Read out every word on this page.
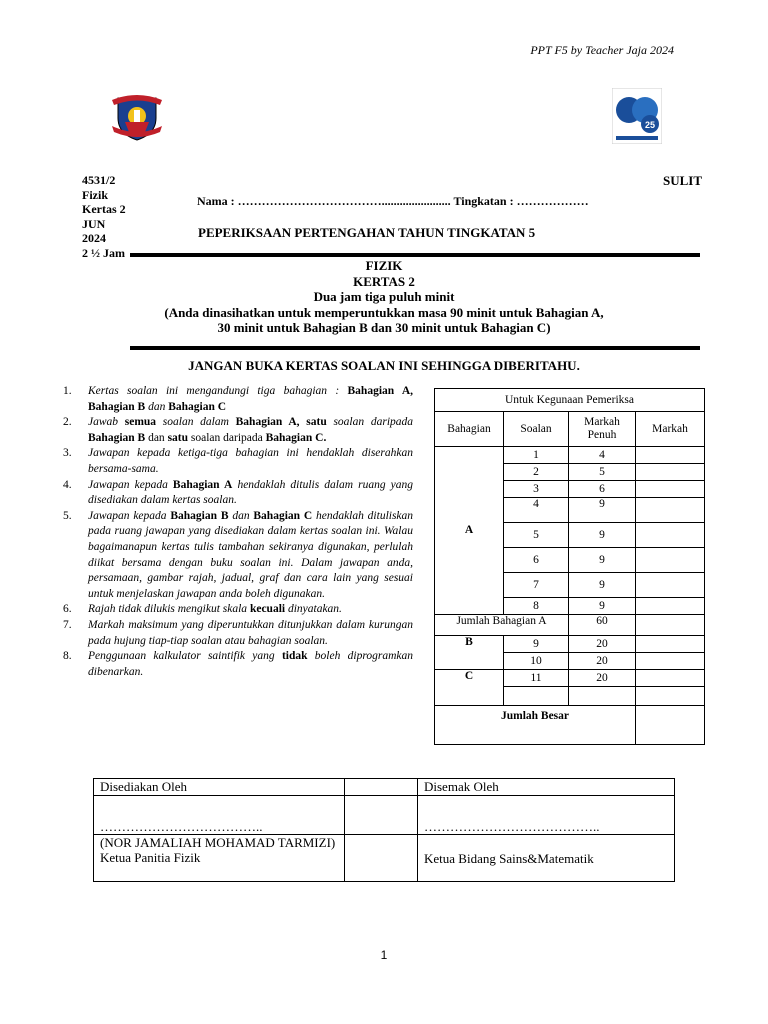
PPT F5 by Teacher Jaja 2024
25
4531/2
Fizik
Kertas 2
JUN
2024
2 ½ Jam
SULIT
Nama : ………………………………....................... Tingkatan : ………………
PEPERIKSAAN PERTENGAHAN TAHUN TINGKATAN 5
FIZIK
KERTAS 2
Dua jam tiga puluh minit
(Anda dinasihatkan untuk memperuntukkan masa 90 minit untuk Bahagian A,
30 minit untuk Bahagian B dan 30 minit untuk Bahagian C)
JANGAN BUKA KERTAS SOALAN INI SEHINGGA DIBERITAHU.
1. Kertas soalan ini mengandungi tiga bahagian : Bahagian A, Bahagian B dan Bahagian C
2. Jawab semua soalan dalam Bahagian A, satu soalan daripada Bahagian B dan satu soalan daripada Bahagian C.
3. Jawapan kepada ketiga-tiga bahagian ini hendaklah diserahkan bersama-sama.
4. Jawapan kepada Bahagian A hendaklah ditulis dalam ruang yang disediakan dalam kertas soalan.
5. Jawapan kepada Bahagian B dan Bahagian C hendaklah dituliskan pada ruang jawapan yang disediakan dalam kertas soalan ini. Walau bagaimanapun kertas tulis tambahan sekiranya digunakan, perlulah diikat bersama dengan buku soalan ini. Dalam jawapan anda, persamaan, gambar rajah, jadual, graf dan cara lain yang sesuai untuk menjelaskan jawapan anda boleh digunakan.
6. Rajah tidak dilukis mengikut skala kecuali dinyatakan.
7. Markah maksimum yang diperuntukkan ditunjukkan dalam kurungan pada hujung tiap-tiap soalan atau bahagian soalan.
8. Penggunaan kalkulator saintifik yang tidak boleh diprogramkan dibenarkan.
Untuk Kegunaan Pemeriksa			
Bahagian	Soalan	Markah Penuh	Markah
A	1	4	
	2	5	
	3	6	
	4	9	
	5	9	
	6	9	
	7	9	
	8	9	
Jumlah Bahagian A		60	
B	9	20	
	10	20	
C	11	20	

Jumlah Besar			
Disediakan Oleh		Disemak Oleh
………………………………..		…………………………………..

(NOR JAMALIAH MOHAMAD TARMIZI)
Ketua Panitia Fizik		Ketua Bidang Sains&Matematik
1
